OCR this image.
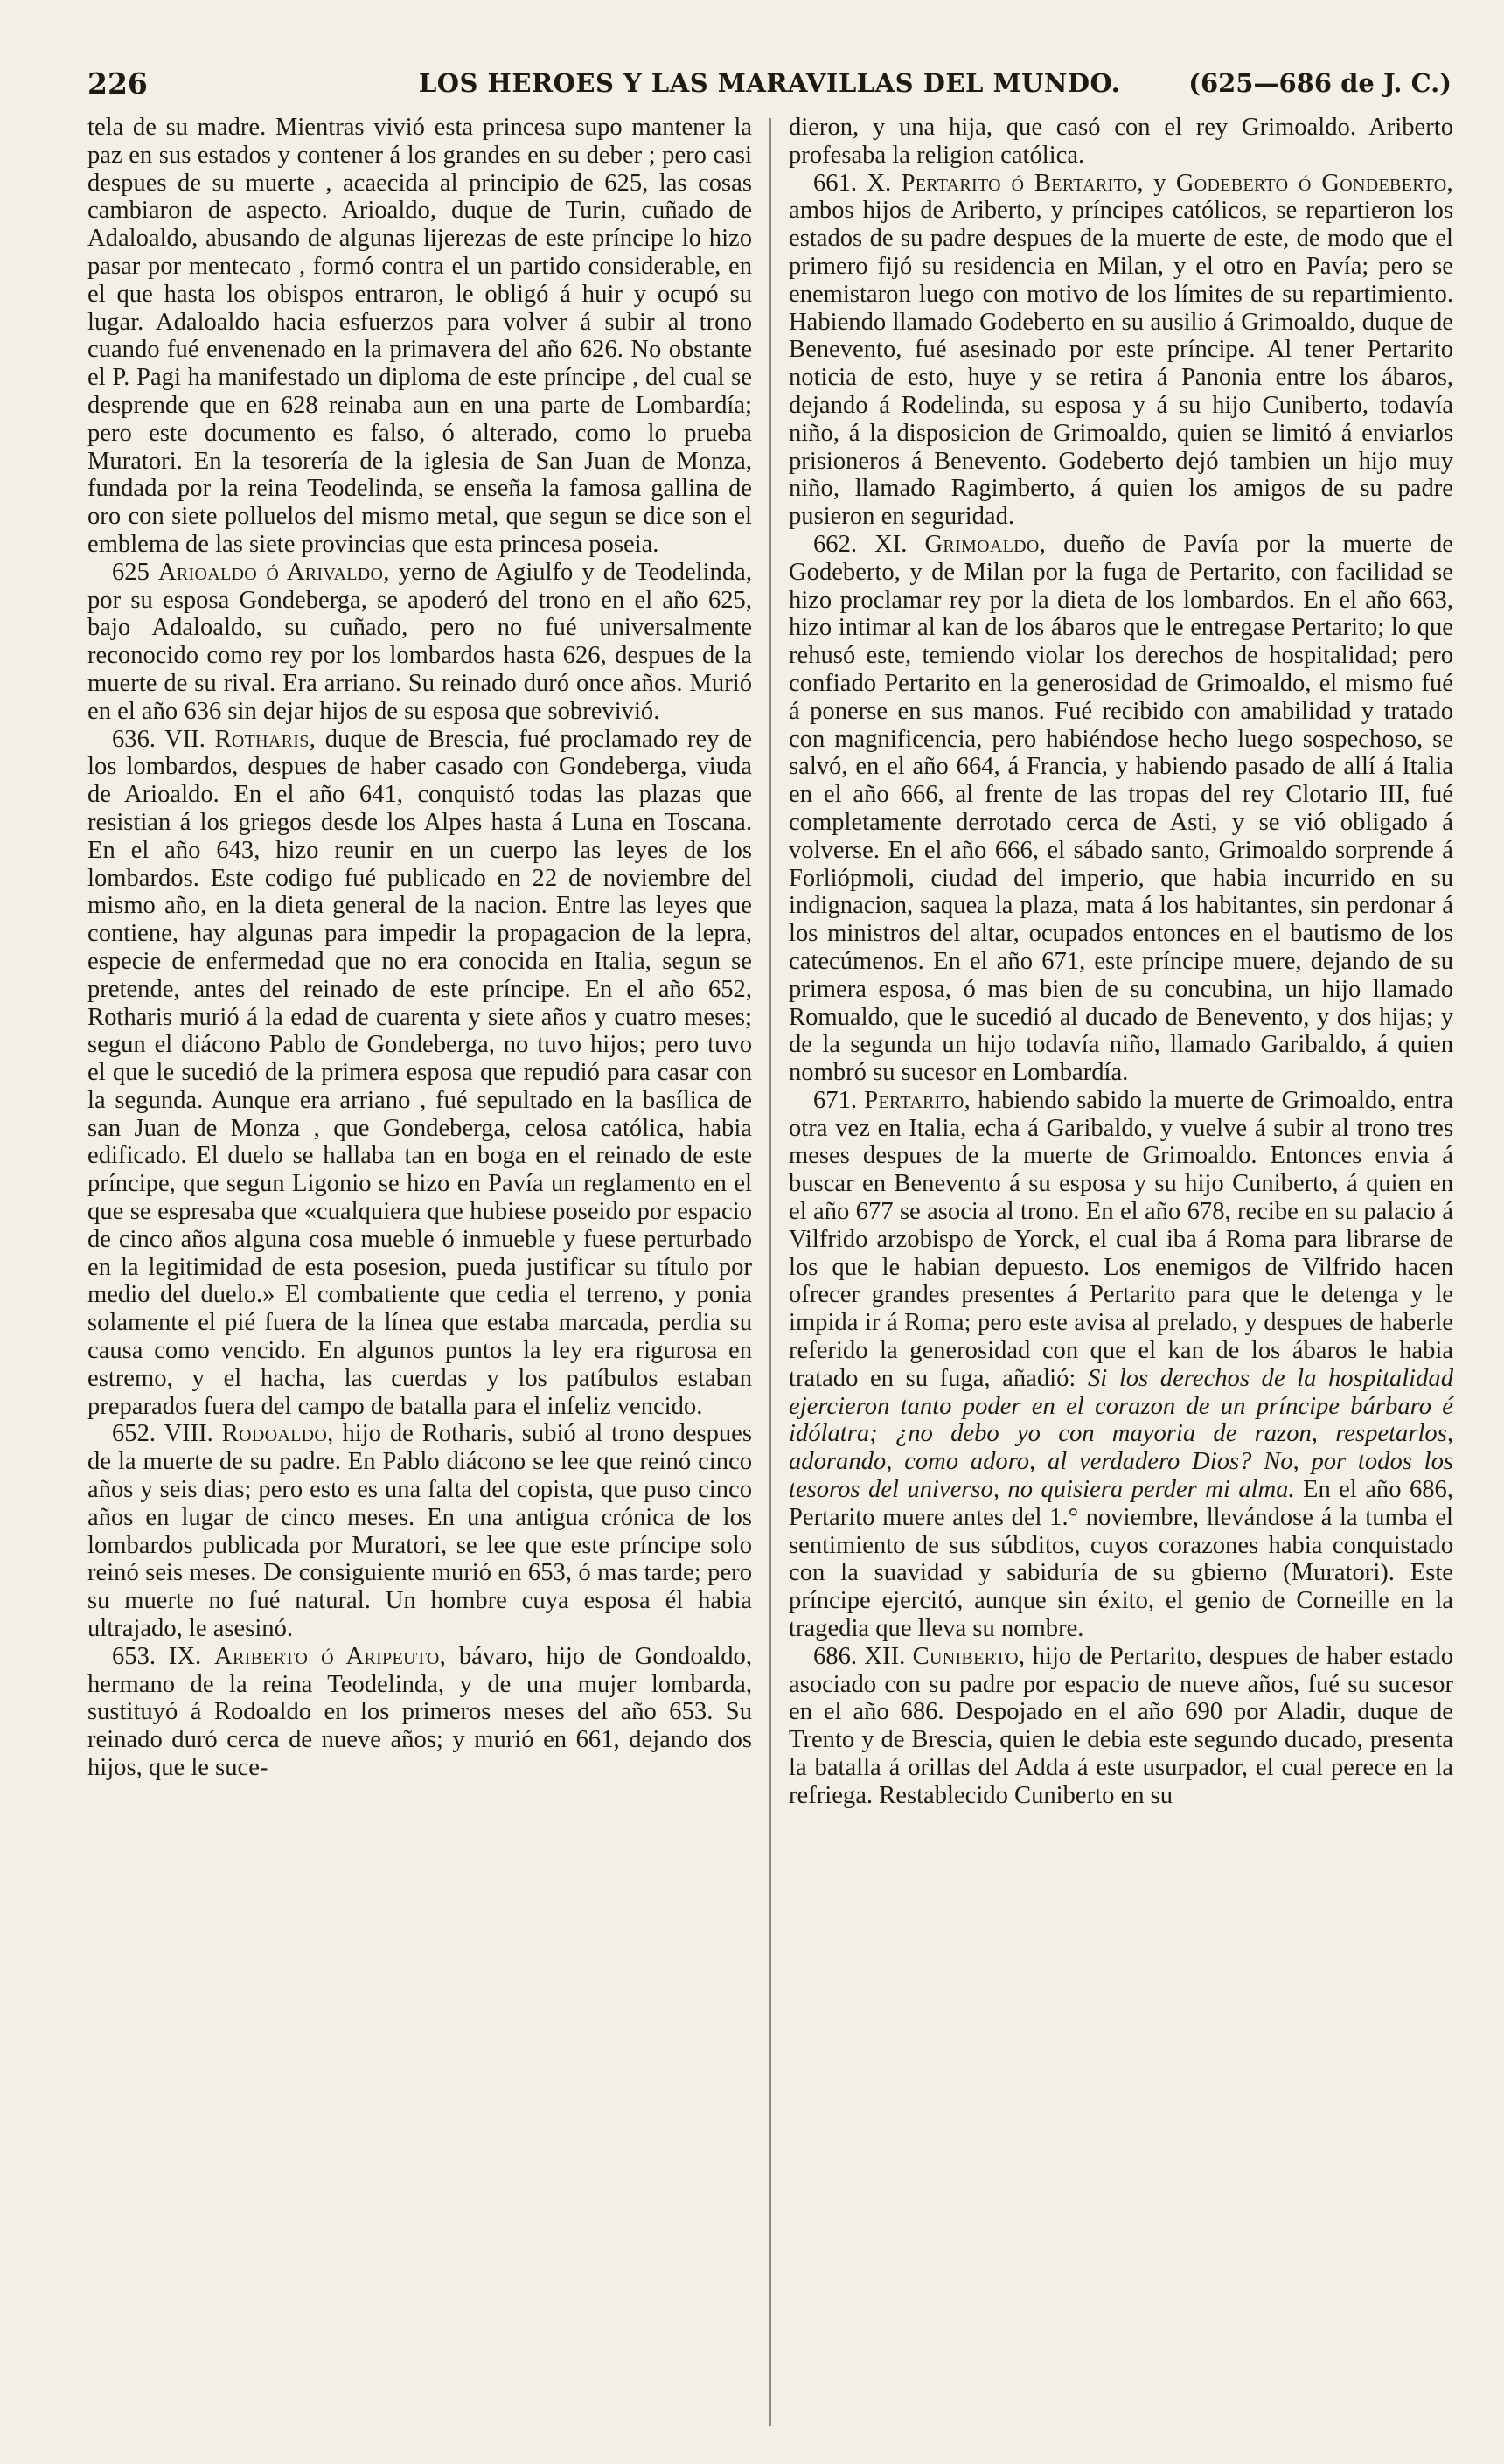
226	LOS HEROES Y LAS MARAVILLAS DEL MUNDO.	(625—686 de J. C.)

tela de su madre. Mientras vivió esta princesa supo mantener la paz en sus estados y contener á los grandes en su deber ; pero casi despues de su muerte , acaecida al principio de 625, las cosas cambiaron de aspecto. Arioaldo, duque de Turin, cuñado de Adaloaldo, abusando de algunas lijerezas de este príncipe lo hizo pasar por mentecato , formó contra el un partido considerable, en el que hasta los obispos entraron, le obligó á huir y ocupó su lugar. Adaloaldo hacia esfuerzos para volver á subir al trono cuando fué envenenado en la primavera del año 626. No obstante el P. Pagi ha manifestado un diploma de este príncipe , del cual se desprende que en 628 reinaba aun en una parte de Lombardía; pero este documento es falso, ó alterado, como lo prueba Muratori. En la tesorería de la iglesia de San Juan de Monza, fundada por la reina Teodelinda, se enseña la famosa gallina de oro con siete polluelos del mismo metal, que segun se dice son el emblema de las siete provincias que esta princesa poseia.

625 Arioaldo ó Arivaldo, yerno de Agiulfo y de Teodelinda, por su esposa Gondeberga, se apoderó del trono en el año 625, bajo Adaloaldo, su cuñado, pero no fué universalmente reconocido como rey por los lombardos hasta 626, despues de la muerte de su rival. Era arriano. Su reinado duró once años. Murió en el año 636 sin dejar hijos de su esposa que sobrevivió.

636. VII. Rotharis, duque de Brescia, fué proclamado rey de los lombardos, despues de haber casado con Gondeberga, viuda de Arioaldo. En el año 641, conquistó todas las plazas que resistian á los griegos desde los Alpes hasta á Luna en Toscana. En el año 643, hizo reunir en un cuerpo las leyes de los lombardos. Este codigo fué publicado en 22 de noviembre del mismo año, en la dieta general de la nacion. Entre las leyes que contiene, hay algunas para impedir la propagacion de la lepra, especie de enfermedad que no era conocida en Italia, segun se pretende, antes del reinado de este príncipe. En el año 652, Rotharis murió á la edad de cuarenta y siete años y cuatro meses; segun el diácono Pablo de Gondeberga, no tuvo hijos; pero tuvo el que le sucedió de la primera esposa que repudió para casar con la segunda. Aunque era arriano , fué sepultado en la basílica de san Juan de Monza , que Gondeberga, celosa católica, habia edificado. El duelo se hallaba tan en boga en el reinado de este príncipe, que segun Ligonio se hizo en Pavía un reglamento en el que se espresaba que «cualquiera que hubiese poseido por espacio de cinco años alguna cosa mueble ó inmueble y fuese perturbado en la legitimidad de esta posesion, pueda justificar su título por medio del duelo.» El combatiente que cedia el terreno, y ponia solamente el pié fuera de la línea que estaba marcada, perdia su causa como vencido. En algunos puntos la ley era rigurosa en estremo, y el hacha, las cuerdas y los patíbulos estaban preparados fuera del campo de batalla para el infeliz vencido.

652. VIII. Rodoaldo, hijo de Rotharis, subió al trono despues de la muerte de su padre. En Pablo diácono se lee que reinó cinco años y seis dias; pero esto es una falta del copista, que puso cinco años en lugar de cinco meses. En una antigua crónica de los lombardos publicada por Muratori, se lee que este príncipe solo reinó seis meses. De consiguiente murió en 653, ó mas tarde; pero su muerte no fué natural. Un hombre cuya esposa él habia ultrajado, le asesinó.

653. IX. Ariberto ó Aripeuto, bávaro, hijo de Gondoaldo, hermano de la reina Teodelinda, y de una mujer lombarda, sustituyó á Rodoaldo en los primeros meses del año 653. Su reinado duró cerca de nueve años; y murió en 661, dejando dos hijos, que le suce-

dieron, y una hija, que casó con el rey Grimoaldo. Ariberto profesaba la religion católica.

661. X. Pertarito ó Bertarito, y Godeberto ó Gondeberto, ambos hijos de Ariberto, y príncipes católicos, se repartieron los estados de su padre despues de la muerte de este, de modo que el primero fijó su residencia en Milan, y el otro en Pavía; pero se enemistaron luego con motivo de los límites de su repartimiento. Habiendo llamado Godeberto en su ausilio á Grimoaldo, duque de Benevento, fué asesinado por este príncipe. Al tener Pertarito noticia de esto, huye y se retira á Panonia entre los ábaros, dejando á Rodelinda, su esposa y á su hijo Cuniberto, todavía niño, á la disposicion de Grimoaldo, quien se limitó á enviarlos prisioneros á Benevento. Godeberto dejó tambien un hijo muy niño, llamado Ragimberto, á quien los amigos de su padre pusieron en seguridad.

662. XI. Grimoaldo, dueño de Pavía por la muerte de Godeberto, y de Milan por la fuga de Pertarito, con facilidad se hizo proclamar rey por la dieta de los lombardos. En el año 663, hizo intimar al kan de los ábaros que le entregase Pertarito; lo que rehusó este, temiendo violar los derechos de hospitalidad; pero confiado Pertarito en la generosidad de Grimoaldo, el mismo fué á ponerse en sus manos. Fué recibido con amabilidad y tratado con magnificencia, pero habiéndose hecho luego sospechoso, se salvó, en el año 664, á Francia, y habiendo pasado de allí á Italia en el año 666, al frente de las tropas del rey Clotario III, fué completamente derrotado cerca de Asti, y se vió obligado á volverse. En el año 666, el sábado santo, Grimoaldo sorprende á Forliópmoli, ciudad del imperio, que habia incurrido en su indignacion, saquea la plaza, mata á los habitantes, sin perdonar á los ministros del altar, ocupados entonces en el bautismo de los catecúmenos. En el año 671, este príncipe muere, dejando de su primera esposa, ó mas bien de su concubina, un hijo llamado Romualdo, que le sucedió al ducado de Benevento, y dos hijas; y de la segunda un hijo todavía niño, llamado Garibaldo, á quien nombró su sucesor en Lombardía.

671. Pertarito, habiendo sabido la muerte de Grimoaldo, entra otra vez en Italia, echa á Garibaldo, y vuelve á subir al trono tres meses despues de la muerte de Grimoaldo. Entonces envia á buscar en Benevento á su esposa y su hijo Cuniberto, á quien en el año 677 se asocia al trono. En el año 678, recibe en su palacio á Vilfrido arzobispo de Yorck, el cual iba á Roma para librarse de los que le habian depuesto. Los enemigos de Vilfrido hacen ofrecer grandes presentes á Pertarito para que le detenga y le impida ir á Roma; pero este avisa al prelado, y despues de haberle referido la generosidad con que el kan de los ábaros le habia tratado en su fuga, añadió: Si los derechos de la hospitalidad ejercieron tanto poder en el corazon de un príncipe bárbaro é idólatra; ¿no debo yo con mayoria de razon, respetarlos, adorando, como adoro, al verdadero Dios? No, por todos los tesoros del universo, no quisiera perder mi alma. En el año 686, Pertarito muere antes del 1.° noviembre, llevándose á la tumba el sentimiento de sus súbditos, cuyos corazones habia conquistado con la suavidad y sabiduría de su gbierno (Muratori). Este príncipe ejercitó, aunque sin éxito, el genio de Corneille en la tragedia que lleva su nombre.

686. XII. Cuniberto, hijo de Pertarito, despues de haber estado asociado con su padre por espacio de nueve años, fué su sucesor en el año 686. Despojado en el año 690 por Aladir, duque de Trento y de Brescia, quien le debia este segundo ducado, presenta la batalla á orillas del Adda á este usurpador, el cual perece en la refriega. Restablecido Cuniberto en su
